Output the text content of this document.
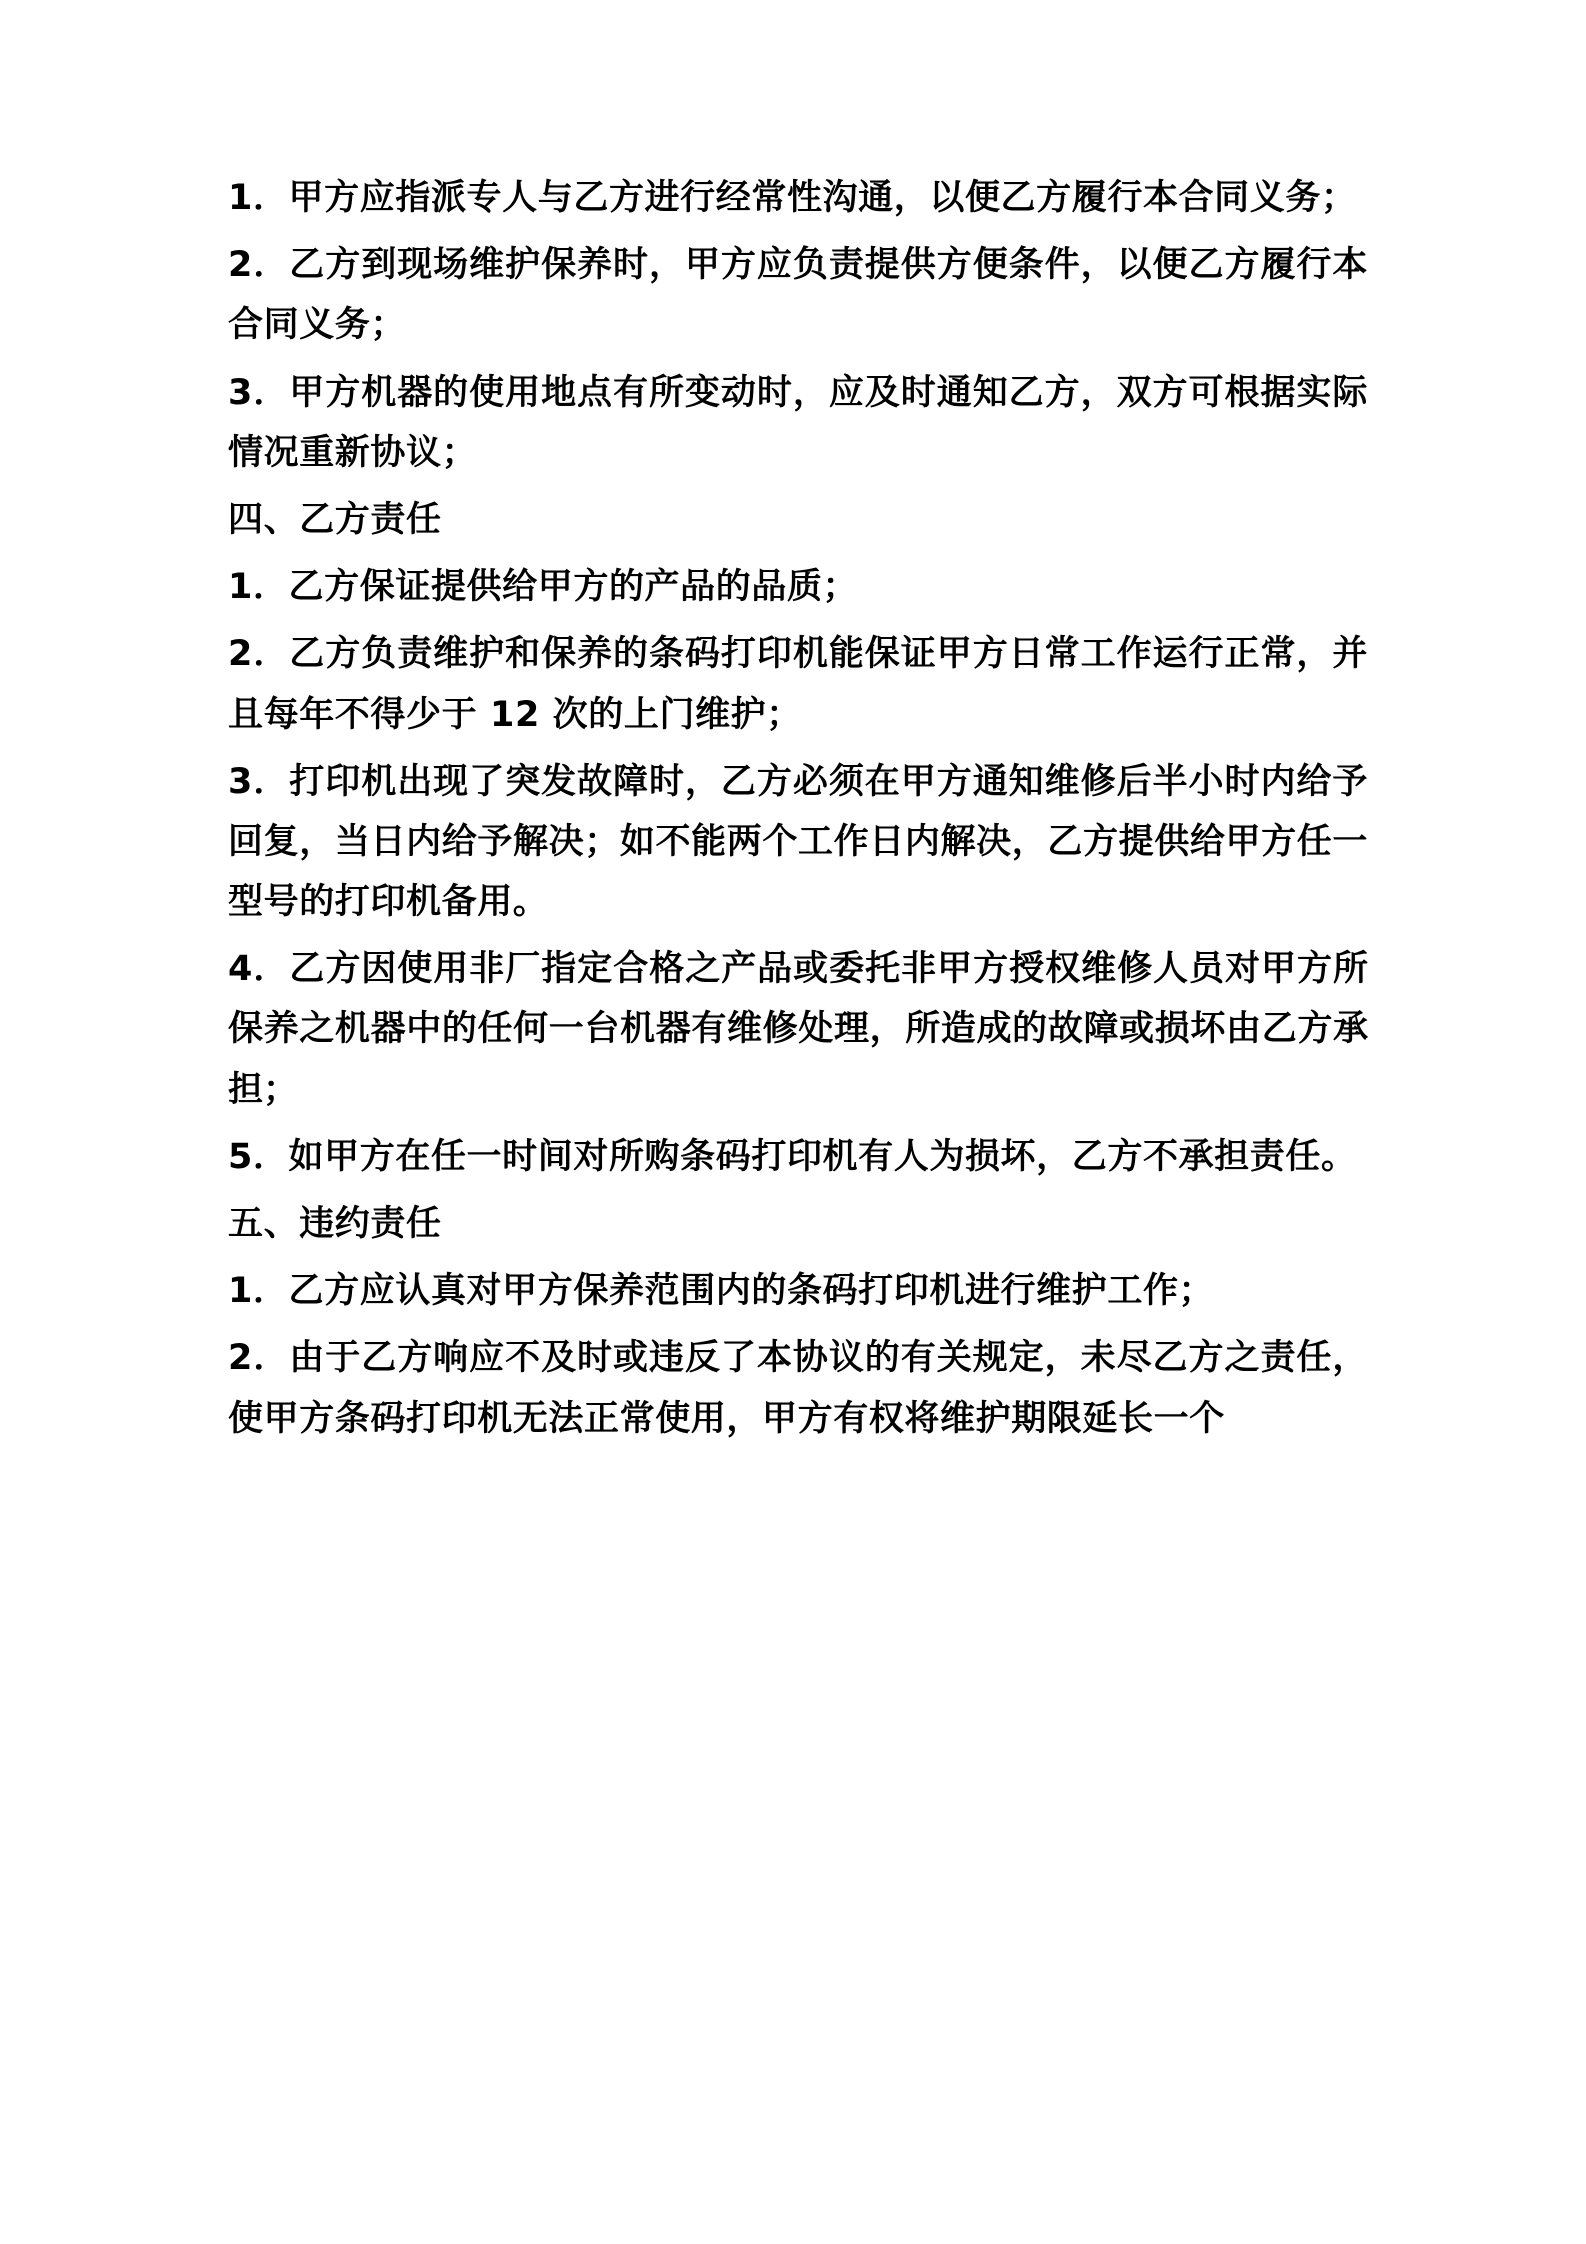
1．甲方应指派专人与乙方进行经常性沟通，以便乙方履行本合同义务；

2．乙方到现场维护保养时，甲方应负责提供方便条件，以便乙方履行本合同义务；

3．甲方机器的使用地点有所变动时，应及时通知乙方，双方可根据实际情况重新协议；

四、乙方责任

1．乙方保证提供给甲方的产品的品质；

2．乙方负责维护和保养的条码打印机能保证甲方日常工作运行正常，并且每年不得少于 12 次的上门维护；

3．打印机出现了突发故障时，乙方必须在甲方通知维修后半小时内给予回复，当日内给予解决；如不能两个工作日内解决，乙方提供给甲方任一型号的打印机备用。

4．乙方因使用非厂指定合格之产品或委托非甲方授权维修人员对甲方所保养之机器中的任何一台机器有维修处理，所造成的故障或损坏由乙方承担；

5．如甲方在任一时间对所购条码打印机有人为损坏，乙方不承担责任。

五、违约责任

1．乙方应认真对甲方保养范围内的条码打印机进行维护工作；

2．由于乙方响应不及时或违反了本协议的有关规定，未尽乙方之责任，使甲方条码打印机无法正常使用，甲方有权将维护期限延长一个
